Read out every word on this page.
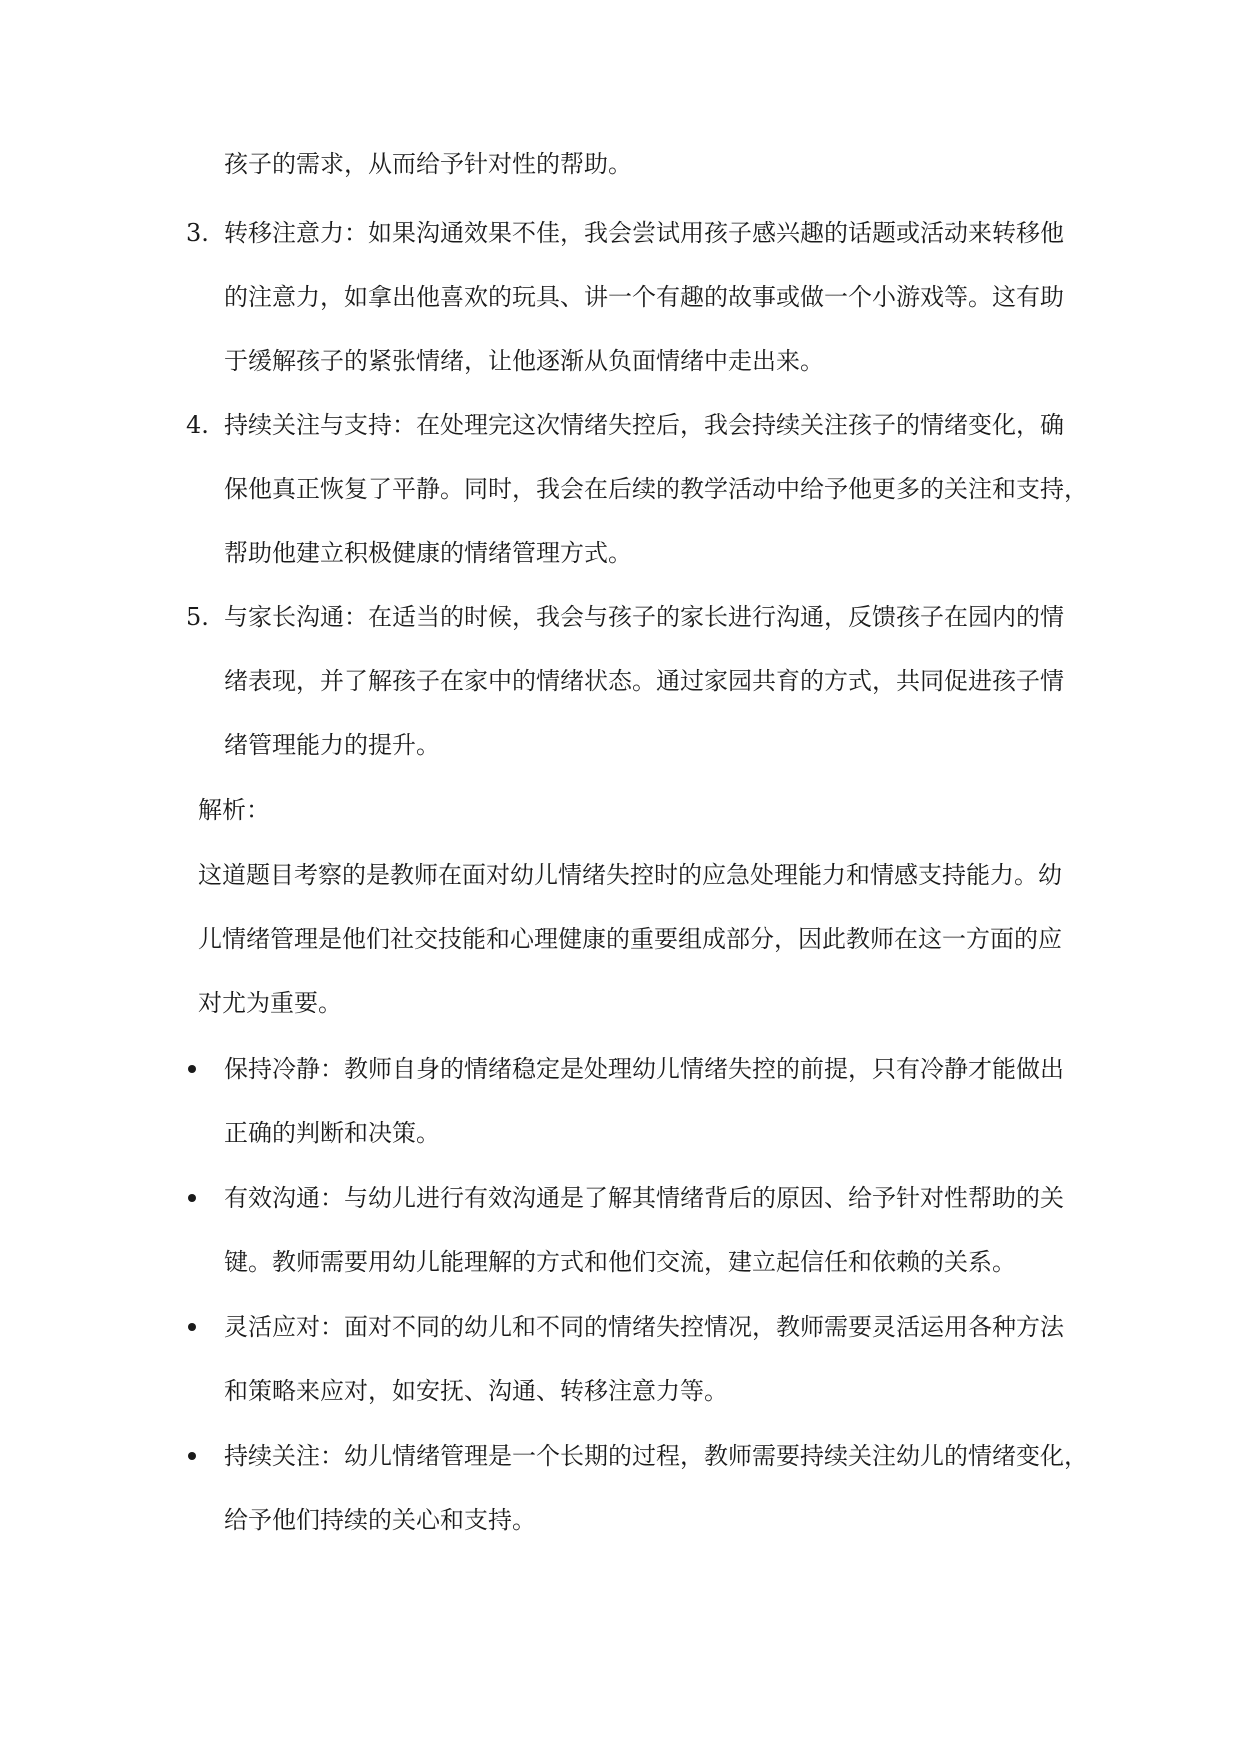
孩子的需求，从而给予针对性的帮助。
3. 转移注意力：如果沟通效果不佳，我会尝试用孩子感兴趣的话题或活动来转移他
的注意力，如拿出他喜欢的玩具、讲一个有趣的故事或做一个小游戏等。这有助
于缓解孩子的紧张情绪，让他逐渐从负面情绪中走出来。
4. 持续关注与支持：在处理完这次情绪失控后，我会持续关注孩子的情绪变化，确
保他真正恢复了平静。同时，我会在后续的教学活动中给予他更多的关注和支持，
帮助他建立积极健康的情绪管理方式。
5. 与家长沟通：在适当的时候，我会与孩子的家长进行沟通，反馈孩子在园内的情
绪表现，并了解孩子在家中的情绪状态。通过家园共育的方式，共同促进孩子情
绪管理能力的提升。
解析：
这道题目考察的是教师在面对幼儿情绪失控时的应急处理能力和情感支持能力。幼
儿情绪管理是他们社交技能和心理健康的重要组成部分，因此教师在这一方面的应
对尤为重要。
保持冷静：教师自身的情绪稳定是处理幼儿情绪失控的前提，只有冷静才能做出
正确的判断和决策。
有效沟通：与幼儿进行有效沟通是了解其情绪背后的原因、给予针对性帮助的关
键。教师需要用幼儿能理解的方式和他们交流，建立起信任和依赖的关系。
灵活应对：面对不同的幼儿和不同的情绪失控情况，教师需要灵活运用各种方法
和策略来应对，如安抚、沟通、转移注意力等。
持续关注：幼儿情绪管理是一个长期的过程，教师需要持续关注幼儿的情绪变化，
给予他们持续的关心和支持。
